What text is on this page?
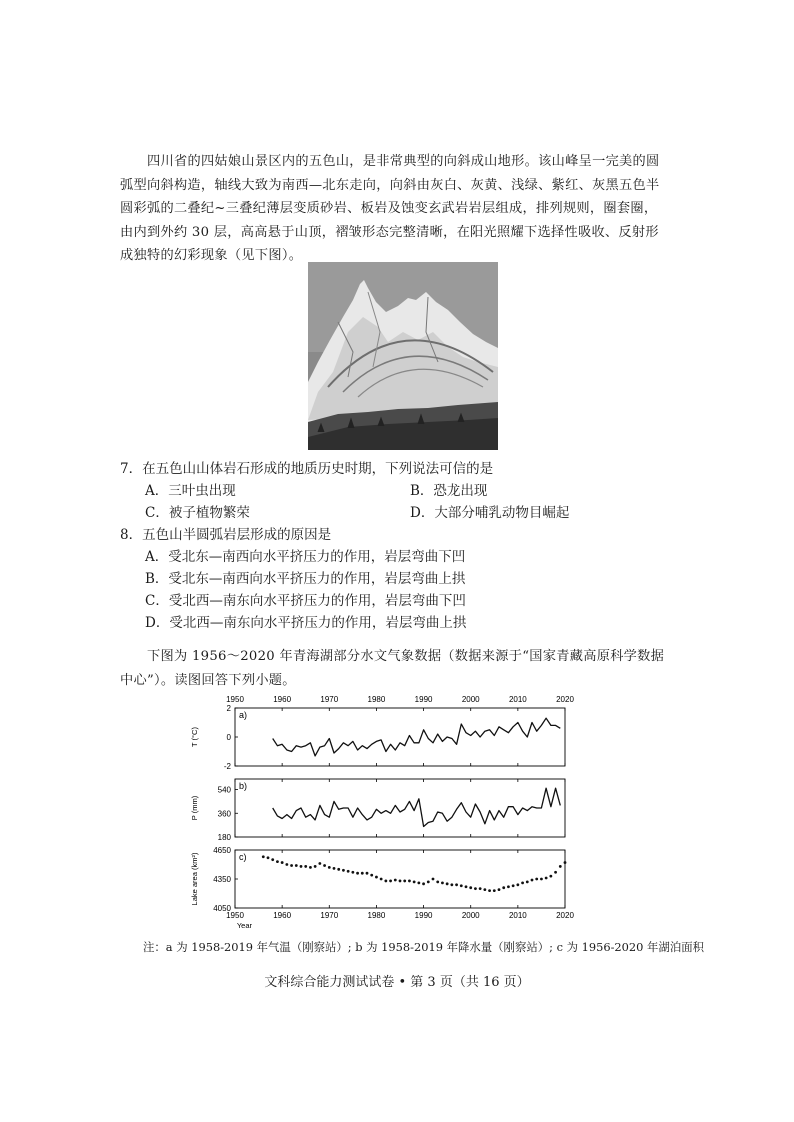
四川省的四姑娘山景区内的五色山，是非常典型的向斜成山地形。该山峰呈一完美的圆
弧型向斜构造，轴线大致为南西—北东走向，向斜由灰白、灰黄、浅绿、紫红、灰黑五色半
圆彩弧的二叠纪~三叠纪薄层变质砂岩、板岩及蚀变玄武岩岩层组成，排列规则，圈套圈，
由内到外约 30 层，高高悬于山顶，褶皱形态完整清晰，在阳光照耀下选择性吸收、反射形
成独特的幻彩现象（见下图）。
7．在五色山山体岩石形成的地质历史时期，下列说法可信的是
A．三叶虫出现	B．恐龙出现
C．被子植物繁荣	D．大部分哺乳动物目崛起
8．五色山半圆弧岩层形成的原因是
A．受北东—南西向水平挤压力的作用，岩层弯曲下凹
B．受北东—南西向水平挤压力的作用，岩层弯曲上拱
C．受北西—南东向水平挤压力的作用，岩层弯曲下凹
D．受北西—南东向水平挤压力的作用，岩层弯曲上拱
下图为 1956～2020 年青海湖部分水文气象数据（数据来源于“国家青藏高原科学数据
中心”）。读图回答下列小题。
1950	1960	1970	1980	1990	2000	2010	2020
2
0
-2
a)
T (°C)
540
360
180
b)
P (mm)
4650
4350
4050
c)
Lake area (km²)
1950	1960	1970	1980	1990	2000	2010	2020
Year
注：a 为 1958-2019 年气温（刚察站）; b 为 1958-2019 年降水量（刚察站）; c 为 1956-2020 年湖泊面积
文科综合能力测试试卷 • 第 3 页（共 16 页）
